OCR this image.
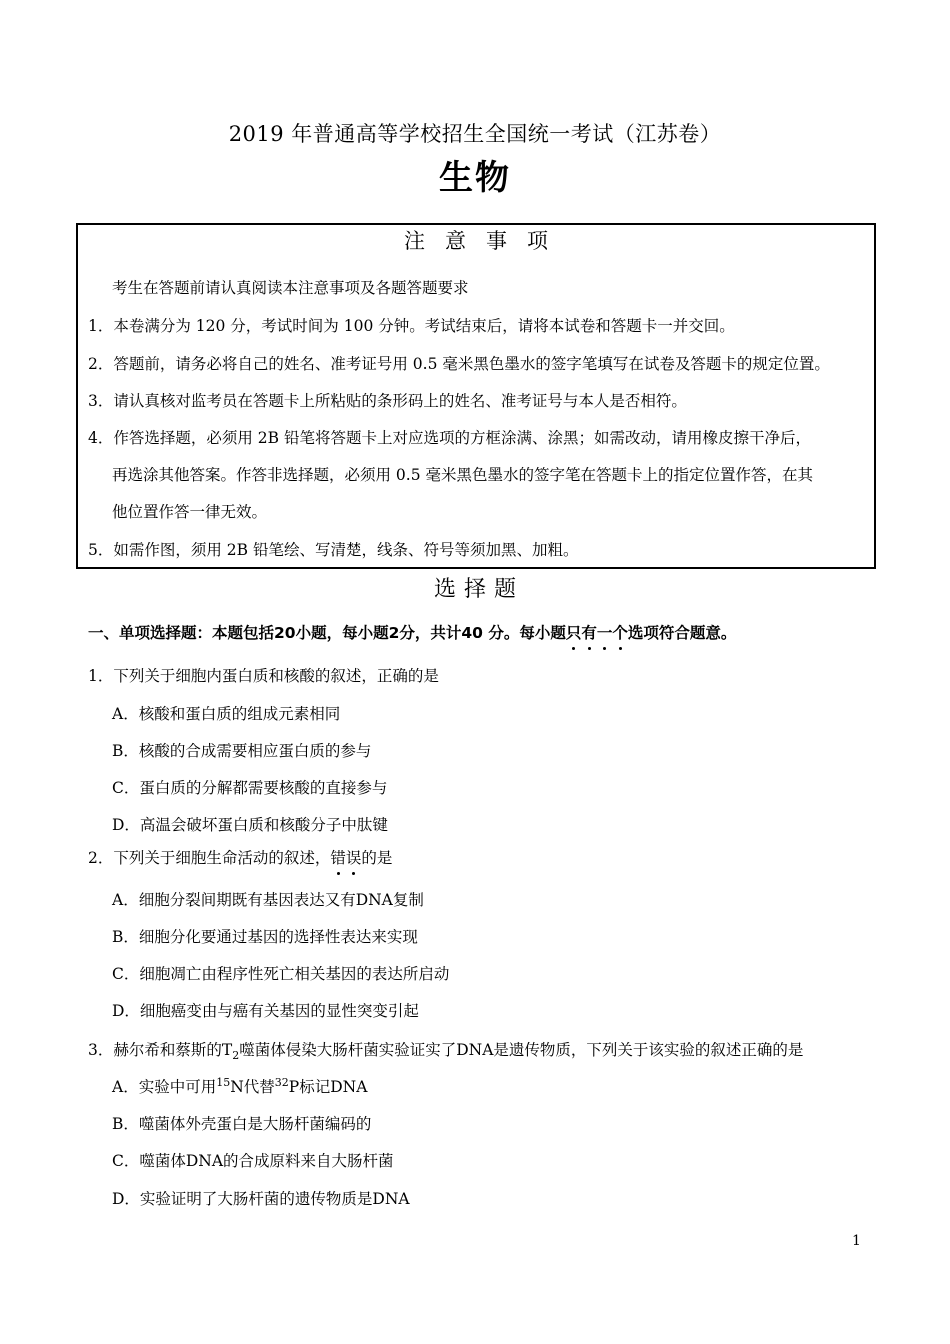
2019 年普通高等学校招生全国统一考试（江苏卷）
生物
注意事项
考生在答题前请认真阅读本注意事项及各题答题要求
1．本卷满分为 120 分，考试时间为 100 分钟。考试结束后，请将本试卷和答题卡一并交回。
2．答题前，请务必将自己的姓名、准考证号用 0.5 毫米黑色墨水的签字笔填写在试卷及答题卡的规定位置。
3．请认真核对监考员在答题卡上所粘贴的条形码上的姓名、准考证号与本人是否相符。
4．作答选择题，必须用 2B 铅笔将答题卡上对应选项的方框涂满、涂黑；如需改动，请用橡皮擦干净后，
再选涂其他答案。作答非选择题，必须用 0.5 毫米黑色墨水的签字笔在答题卡上的指定位置作答，在其
他位置作答一律无效。
5．如需作图，须用 2B 铅笔绘、写清楚，线条、符号等须加黑、加粗。
选择题
一、单项选择题：本题包括20小题，每小题2分，共计40 分。每小题只有一个选项符合题意。
1．下列关于细胞内蛋白质和核酸的叙述，正确的是
A．核酸和蛋白质的组成元素相同
B．核酸的合成需要相应蛋白质的参与
C．蛋白质的分解都需要核酸的直接参与
D．高温会破坏蛋白质和核酸分子中肽键
2．下列关于细胞生命活动的叙述，错误的是
A．细胞分裂间期既有基因表达又有DNA复制
B．细胞分化要通过基因的选择性表达来实现
C．细胞凋亡由程序性死亡相关基因的表达所启动
D．细胞癌变由与癌有关基因的显性突变引起
3．赫尔希和蔡斯的$T_2$噬菌体侵染大肠杆菌实验证实了DNA是遗传物质，下列关于该实验的叙述正确的是
A．实验中可用$^{15}$N代替$^{32}$P标记DNA
B．噬菌体外壳蛋白是大肠杆菌编码的
C．噬菌体DNA的合成原料来自大肠杆菌
D．实验证明了大肠杆菌的遗传物质是DNA
1
